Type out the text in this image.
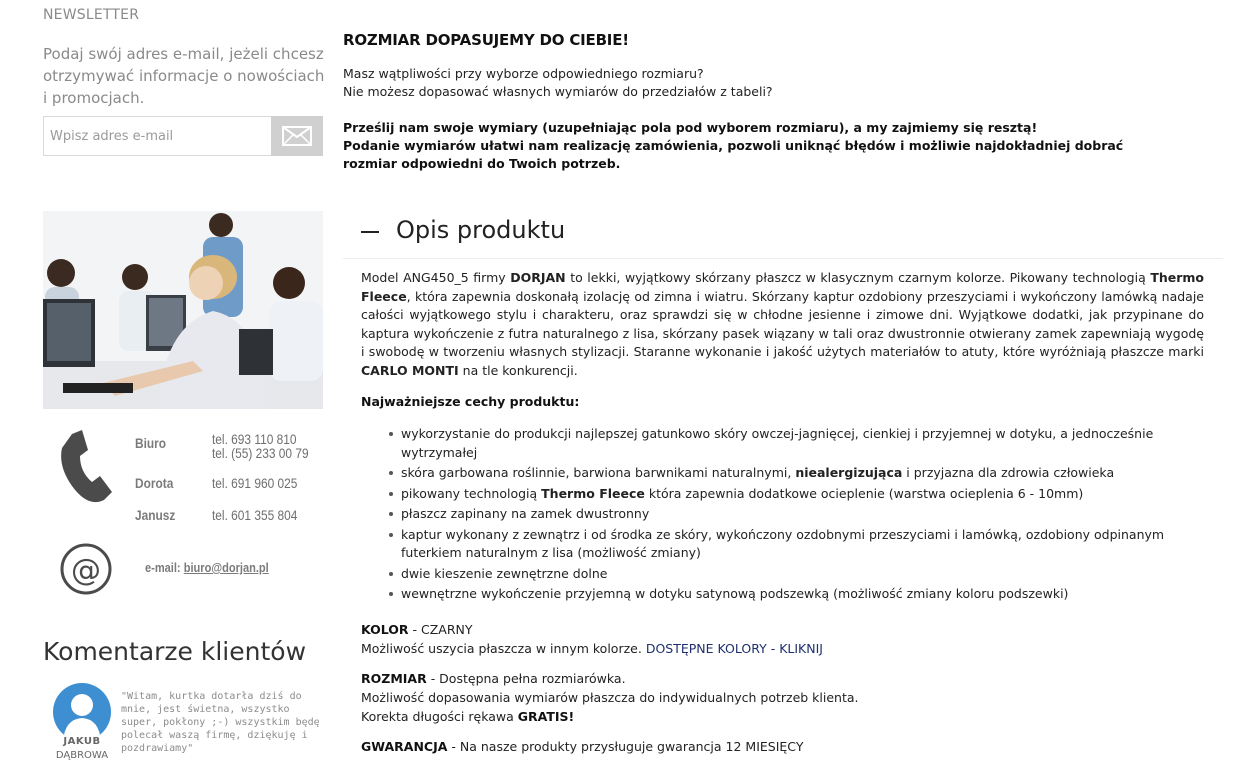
NEWSLETTER
Podaj swój adres e-mail, jeżeli chcesz otrzymywać informacje o nowościach i promocjach.
Wpisz adres e-mail
Biuro	tel. 693 110 810
tel. (55) 233 00 79
Dorota	tel. 691 960 025
Janusz	tel. 601 355 804
@	e-mail: biuro@dorjan.pl
Komentarze klientów
JAKUB
DĄBROWA
"Witam, kurtka dotarła dziś do mnie, jest świetna, wszystko super, pokłony ;-) wszystkim będę polecał waszą firmę, dziękuję i pozdrawiamy"
ROZMIAR DOPASUJEMY DO CIEBIE!
Masz wątpliwości przy wyborze odpowiedniego rozmiaru?
Nie możesz dopasować własnych wymiarów do przedziałów z tabeli?
Prześlij nam swoje wymiary (uzupełniając pola pod wyborem rozmiaru), a my zajmiemy się resztą!
Podanie wymiarów ułatwi nam realizację zamówienia, pozwoli uniknąć błędów i możliwie najdokładniej dobrać rozmiar odpowiedni do Twoich potrzeb.
Opis produktu
Model ANG450_5 firmy DORJAN to lekki, wyjątkowy skórzany płaszcz w klasycznym czarnym kolorze. Pikowany technologią Thermo Fleece, która zapewnia doskonałą izolację od zimna i wiatru. Skórzany kaptur ozdobiony przeszyciami i wykończony lamówką nadaje całości wyjątkowego stylu i charakteru, oraz sprawdzi się w chłodne jesienne i zimowe dni. Wyjątkowe dodatki, jak przypinane do kaptura wykończenie z futra naturalnego z lisa, skórzany pasek wiązany w tali oraz dwustronnie otwierany zamek zapewniają wygodę i swobodę w tworzeniu własnych stylizacji. Staranne wykonanie i jakość użytych materiałów to atuty, które wyróżniają płaszcze marki CARLO MONTI na tle konkurencji.
Najważniejsze cechy produktu:
wykorzystanie do produkcji najlepszej gatunkowo skóry owczej-jagnięcej, cienkiej i przyjemnej w dotyku, a jednocześnie wytrzymałej
skóra garbowana roślinnie, barwiona barwnikami naturalnymi, niealergizująca i przyjazna dla zdrowia człowieka
pikowany technologią Thermo Fleece która zapewnia dodatkowe ocieplenie (warstwa ocieplenia 6 - 10mm)
płaszcz zapinany na zamek dwustronny
kaptur wykonany z zewnątrz i od środka ze skóry, wykończony ozdobnymi przeszyciami i lamówką, ozdobiony odpinanym futerkiem naturalnym z lisa (możliwość zmiany)
dwie kieszenie zewnętrzne dolne
wewnętrzne wykończenie przyjemną w dotyku satynową podszewką (możliwość zmiany koloru podszewki)
KOLOR - CZARNY
Możliwość uszycia płaszcza w innym kolorze. DOSTĘPNE KOLORY - KLIKNIJ
ROZMIAR - Dostępna pełna rozmiarówka.
Możliwość dopasowania wymiarów płaszcza do indywidualnych potrzeb klienta.
Korekta długości rękawa GRATIS!
GWARANCJA - Na nasze produkty przysługuje gwarancja 12 MIESIĘCY
